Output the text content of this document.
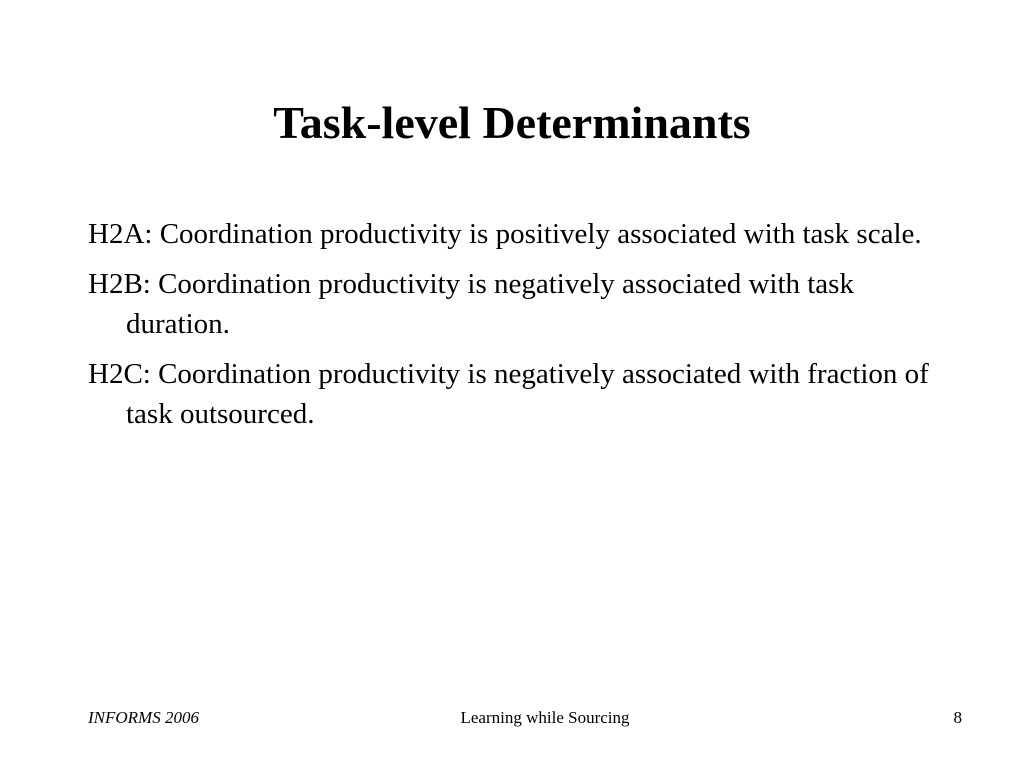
Task-level Determinants
H2A: Coordination productivity is positively associated with task scale.
H2B: Coordination productivity is negatively associated with task duration.
H2C: Coordination productivity is negatively associated with fraction of task outsourced.
INFORMS 2006	Learning while Sourcing	8
